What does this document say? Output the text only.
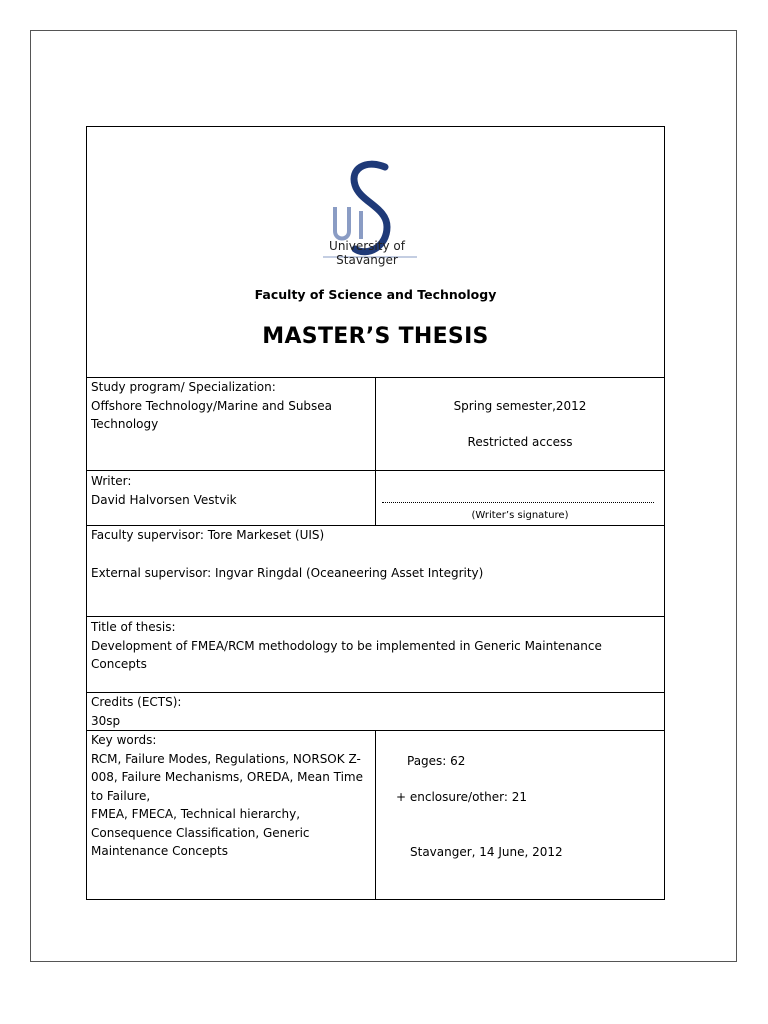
University of
Stavanger
Faculty of Science and Technology
MASTER’S THESIS
Study program/ Specialization:
Offshore Technology/Marine and Subsea
Technology
Spring semester,2012
Restricted access
Writer:
David Halvorsen Vestvik
(Writer’s signature)
Faculty supervisor: Tore Markeset (UIS)
External supervisor: Ingvar Ringdal (Oceaneering Asset Integrity)
Title of thesis:
Development of FMEA/RCM methodology to be implemented in Generic Maintenance
Concepts
Credits (ECTS):
30sp
Key words:
RCM, Failure Modes, Regulations, NORSOK Z-
008, Failure Mechanisms, OREDA, Mean Time
to Failure,
FMEA, FMECA, Technical hierarchy,
Consequence Classification, Generic
Maintenance Concepts
Pages: 62
+ enclosure/other: 21
Stavanger, 14 June, 2012
